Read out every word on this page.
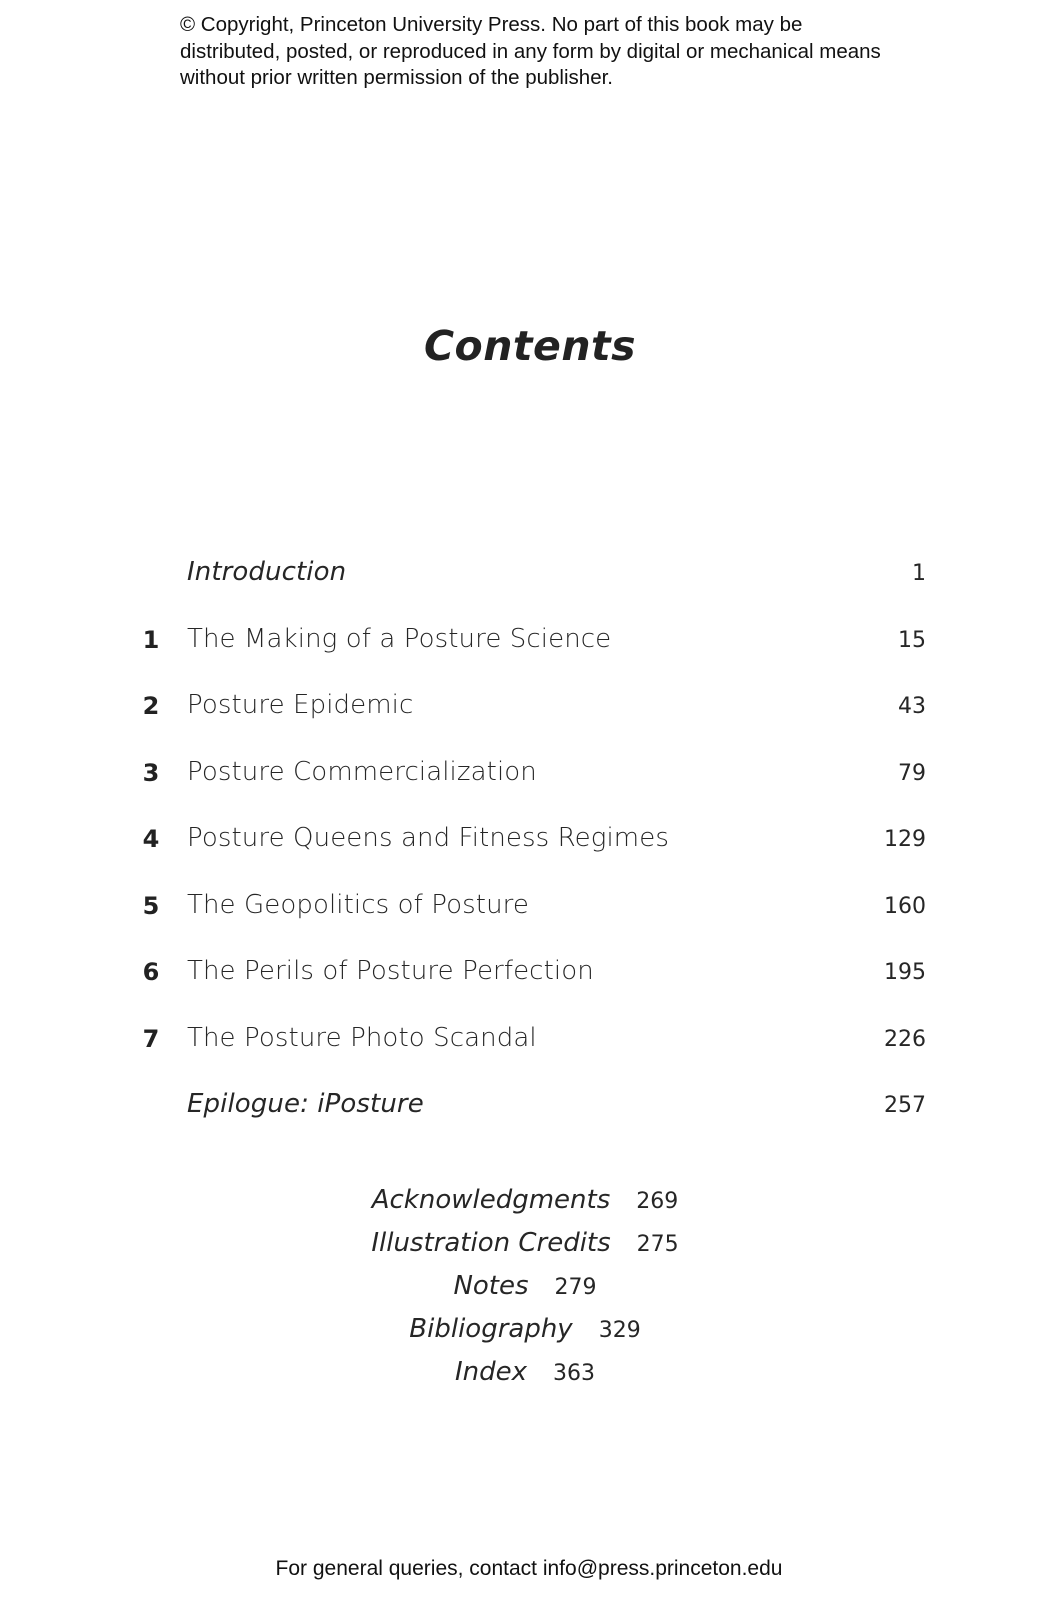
© Copyright, Princeton University Press. No part of this book may be distributed, posted, or reproduced in any form by digital or mechanical means without prior written permission of the publisher.
Contents
Introduction	1
1 The Making of a Posture Science	15
2 Posture Epidemic	43
3 Posture Commercialization	79
4 Posture Queens and Fitness Regimes	129
5 The Geopolitics of Posture	160
6 The Perils of Posture Perfection	195
7 The Posture Photo Scandal	226
Epilogue: iPosture	257
Acknowledgments 269
Illustration Credits 275
Notes 279
Bibliography 329
Index 363
For general queries, contact info@press.princeton.edu
